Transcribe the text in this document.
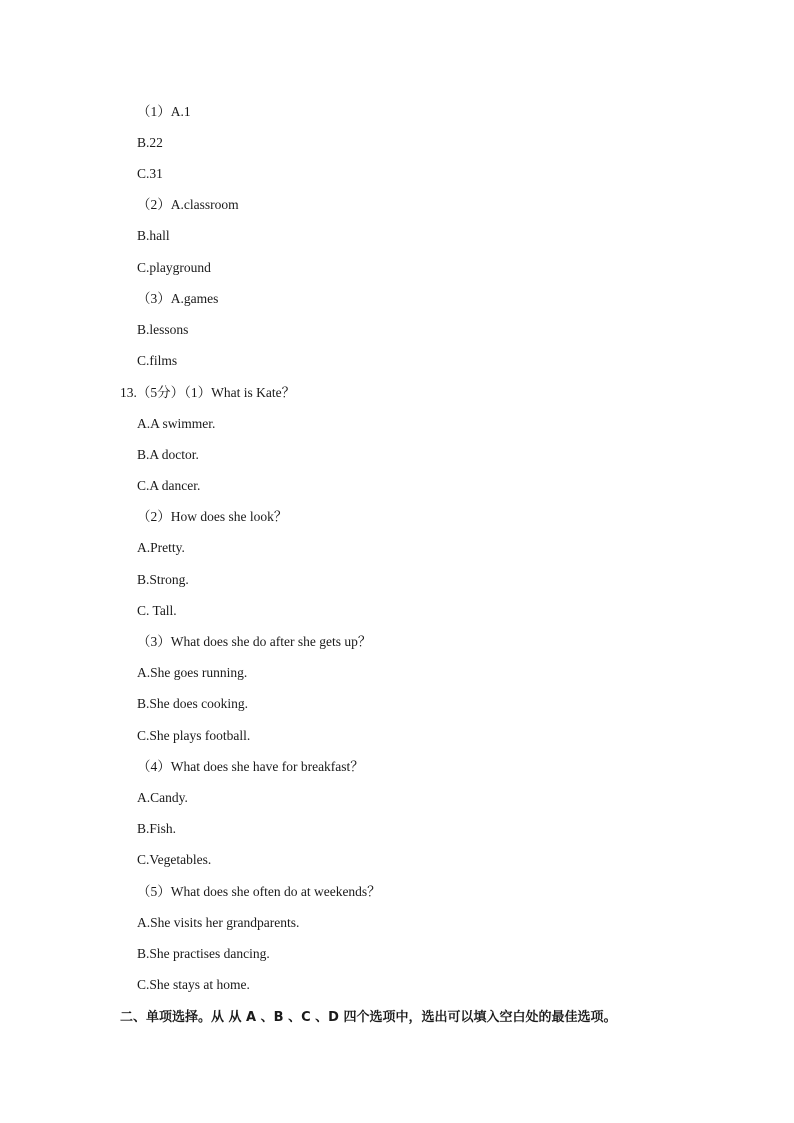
（1）A.1
B.22
C.31
（2）A.classroom
B.hall
C.playground
（3）A.games
B.lessons
C.films
13.（5分）（1）What is Kate？
A.A swimmer.
B.A doctor.
C.A dancer.
（2）How does she look？
A.Pretty.
B.Strong.
C. Tall.
（3）What does she do after she gets up？
A.She goes running.
B.She does cooking.
C.She plays football.
（4）What does she have for breakfast？
A.Candy.
B.Fish.
C.Vegetables.
（5）What does she often do at weekends？
A.She visits her grandparents.
B.She practises dancing.
C.She stays at home.
二、单项选择。从 从 A 、B 、C 、D 四个选项中，选出可以填入空白处的最佳选项。
